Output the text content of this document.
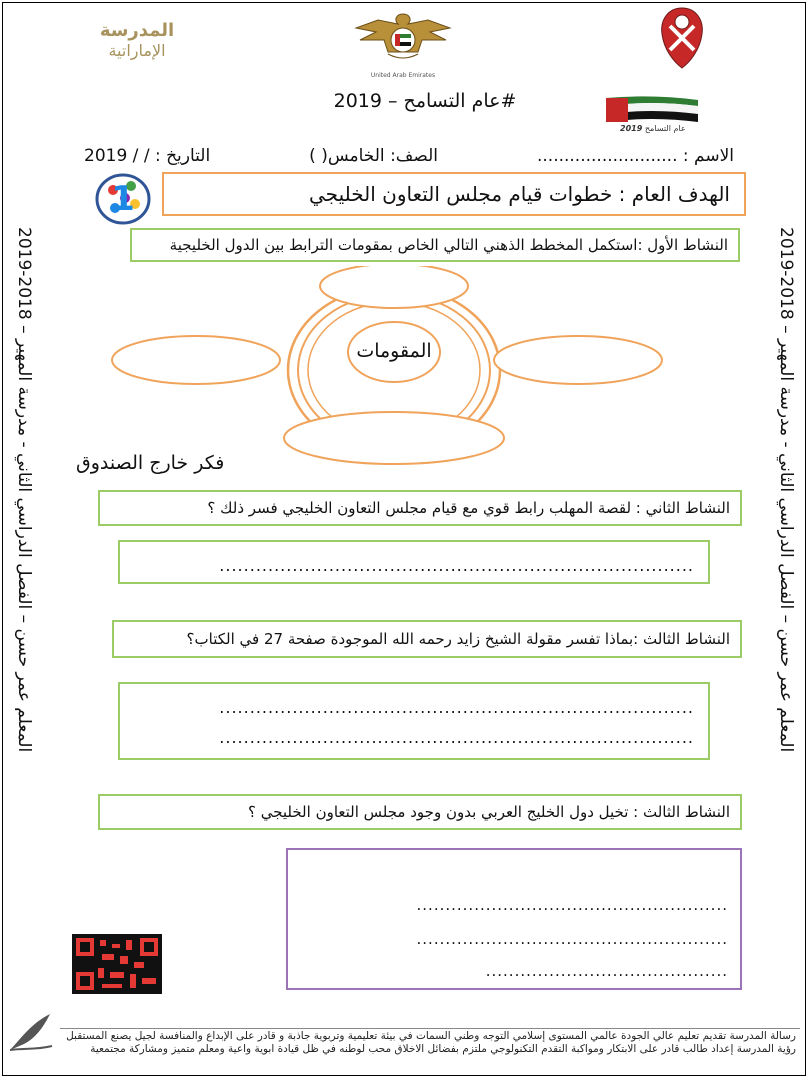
المعلم عمر حسن – الفصل الدراسي الثاني - مدرسة المهير – 2018-2019
المعلم عمر حسن – الفصل الدراسي الثاني - مدرسة المهير – 2018-2019
المدرسة
الإماراتية
United Arab Emirates
#عام التسامح – 2019
2019 عام التسامح
الاسم : ..........................
الصف: الخامس( )
التاريخ : / / 2019
1	الهدف العام : خطوات قيام مجلس التعاون الخليجي
النشاط الأول :استكمل المخطط الذهني التالي الخاص بمقومات الترابط بين الدول الخليجية
المقومات
فكر خارج الصندوق
النشاط الثاني : لقصة المهلب رابط قوي مع قيام مجلس التعاون الخليجي فسر ذلك ؟
..............................................................................
النشاط الثالث :بماذا تفسر مقولة الشيخ زايد رحمه الله الموجودة صفحة 27 في الكتاب؟
..............................................................................
..............................................................................
النشاط الثالث : تخيل دول الخليج العربي بدون وجود مجلس التعاون الخليجي ؟
......................................................
......................................................
..........................................
رسالة المدرسة تقديم تعليم عالي الجودة عالمي المستوى إسلامي التوجه وطني السمات في بيئة تعليمية وتربوية جاذبة و قادر على الإبداع والمنافسة لجيل يصنع المستقبل
رؤية المدرسة إعداد طالب قادر على الابتكار ومواكبة التقدم التكنولوجي ملتزم بفضائل الاخلاق محب لوطنه في ظل قيادة ابوية واعية ومعلم متميز ومشاركة مجتمعية
